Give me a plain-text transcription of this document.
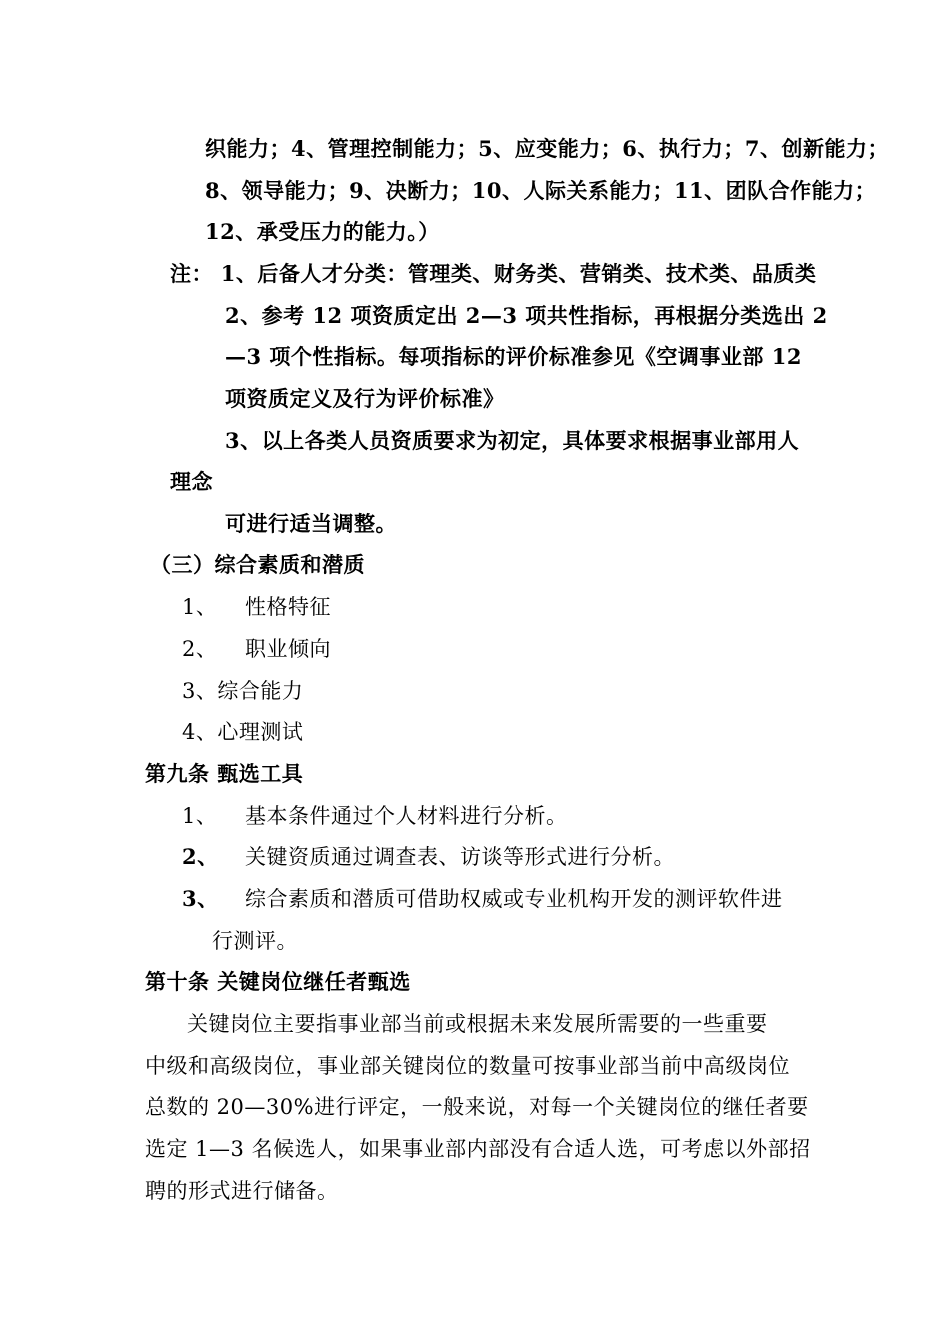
织能力；4、管理控制能力；5、应变能力；6、执行力；7、创新能力；
8、领导能力；9、决断力；10、人际关系能力；11、团队合作能力；
12、承受压力的能力。）
注： 1、后备人才分类：管理类、财务类、营销类、技术类、品质类
2、参考 12 项资质定出 2—3 项共性指标，再根据分类选出 2
—3 项个性指标。每项指标的评价标准参见《空调事业部 12
项资质定义及行为评价标准》
3、以上各类人员资质要求为初定，具体要求根据事业部用人
理念
可进行适当调整。
（三）综合素质和潜质
1、 性格特征
2、 职业倾向
3、综合能力
4、心理测试
第九条 甄选工具
1、 基本条件通过个人材料进行分析。
2、 关键资质通过调查表、访谈等形式进行分析。
3、 综合素质和潜质可借助权威或专业机构开发的测评软件进
行测评。
第十条 关键岗位继任者甄选
关键岗位主要指事业部当前或根据未来发展所需要的一些重要
中级和高级岗位，事业部关键岗位的数量可按事业部当前中高级岗位
总数的 20—30%进行评定，一般来说，对每一个关键岗位的继任者要
选定 1—3 名候选人，如果事业部内部没有合适人选，可考虑以外部招
聘的形式进行储备。
